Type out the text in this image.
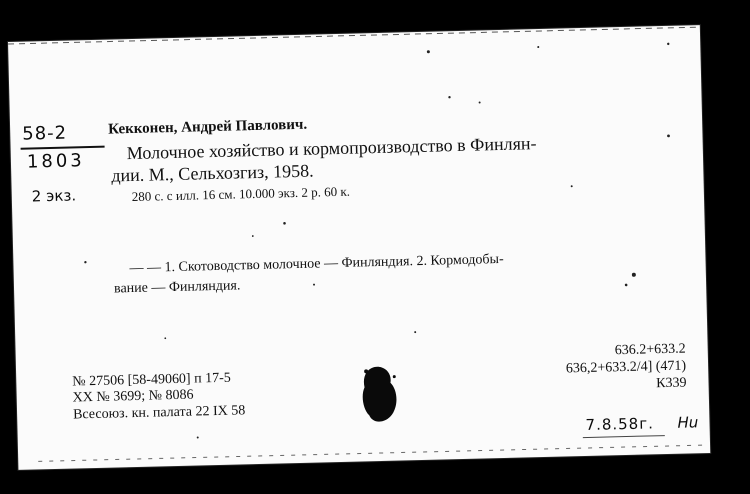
58-2
1803
2 экз.
Кекконен, Андрей Павлович.
Молочное хозяйство и кормопроизводство в Финлян-
дии. М., Сельхозгиз, 1958.
280 с. с илл. 16 см. 10.000 экз. 2 р. 60 к.
— — 1. Скотоводство молочное — Финляндия. 2. Кормодобы-
вание — Финляндия.
№ 27506 [58-49060] п 17-5
XX № 3699; № 8086
Всесоюз. кн. палата 22 IX 58
636.2+633.2
636,2+633.2/4] (471)
К339
7.8.58г. Нu
